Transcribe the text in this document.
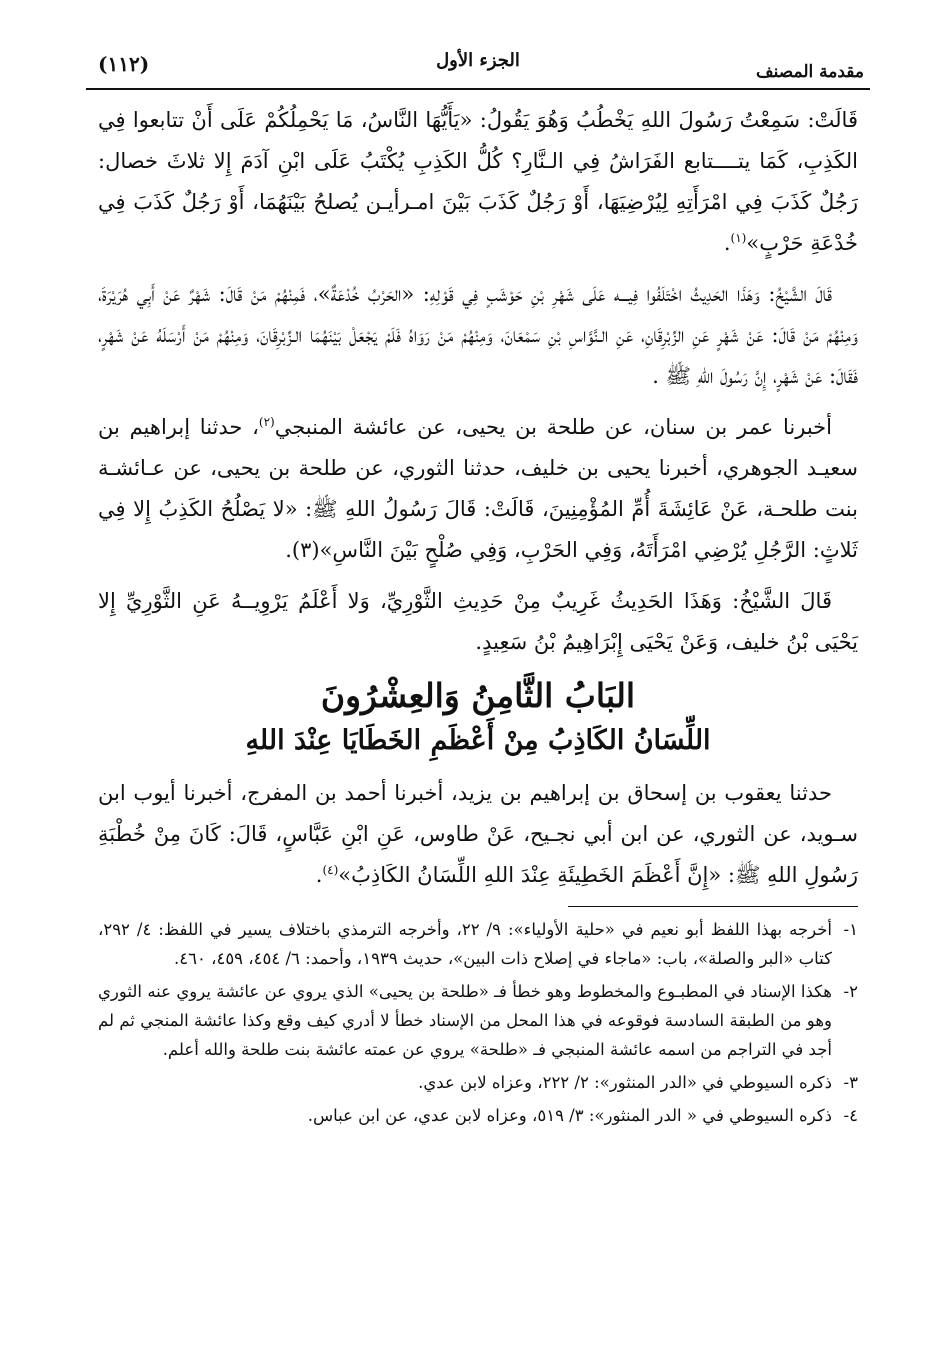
مقدمة المصنف
الجزء الأول
(١١٢)

قَالَتْ: سَمِعْتُ رَسُولَ اللهِ يَخْطُبُ وَهُوَ يَقُولُ: «يَأَيُّهَا النَّاسُ، مَا يَحْمِلُكُمْ عَلَى أَنْ تتابعوا فِي الكَذِبِ، كَمَا يتــــتابع الفَرَاشُ فِي الـنَّارِ؟ كُلُّ الكَذِبِ يُكْتَبُ عَلَى ابْنِ آدَمَ إِلا ثلاثَ خصال: رَجُلٌ كَذَبَ فِي امْرَأَتِهِ لِيُرْضِيَهَا، أَوْ رَجُلٌ كَذَبَ بَيْنَ امـرأيـن يُصلحُ بَيْنَهُمَا، أَوْ رَجُلٌ كَذَبَ فِي خُدْعَةِ حَرْبٍ»$^{(١)}$.

قَالَ الشَّيْخُ: وَهَذَا الحَدِيثُ اخْتَلَفُوا فِيـــه عَلَى شَهْرِ بْنِ حَوْشَبٍ فِي قَوْلِهِ: «الحَرْبُ خُدْعَةٌ»، فَمِنْهُمْ مَنْ قَالَ: شَهْرٌ عَنْ أَبِي هُرَيْرَةَ، وَمِنْهُمْ مَنْ قَالَ: عَنْ شَهْرٍ عَنِ الزِّبْرِقَانِ، عَنِ الـنَّوَّاسِ بْنِ سَمْعَانَ، وَمِنْهُمْ مَنْ رَوَاهُ فَلَمْ يَجْعَلْ بَيْنَهُمَا الـزِّبْرِقَانَ، وَمِنْهُمْ مَنْ أَرْسَلَهُ عَنْ شَهْرٍ، فَقَالَ: عَنْ شَهْرٍ، إِنَّ رَسُولَ اللهِ ﷺ .

أخبرنا عمر بن سنان، عن طلحة بن يحيى، عن عائشة المنبجي$^{(٢)}$، حدثنا إبراهيم بن سعيـد الجوهري، أخبرنا يحيى بن خليف، حدثنا الثوري، عن طلحة بن يحيى، عن عـائشـة بنت طلحـة، عَنْ عَائِشَةَ أُمِّ المُؤْمِنِينَ، قَالَتْ: قَالَ رَسُولُ اللهِ ﷺ: «لا يَصْلُحُ الكَذِبُ إِلا فِي ثَلاثٍ: الرَّجُلِ يُرْضِي امْرَأَتَهُ، وَفِي الحَرْبِ، وَفِي صُلْحٍ بَيْنَ النَّاسِ»(٣).

قَالَ الشَّيْخُ: وَهَذَا الحَدِيثُ غَرِيبٌ مِنْ حَدِيثِ الثَّوْرِيِّ، وَلا أَعْلَمُ يَرْوِيــهُ عَنِ الثَّوْرِيِّ إِلا يَحْيَى بْنُ خليف، وَعَنْ يَحْيَى إِبْرَاهِيمُ بْنُ سَعِيدٍ.

البَابُ الثَّامِنُ وَالعِشْرُونَ
اللِّسَانُ الكَاذِبُ مِنْ أَعْظَمِ الخَطَايَا عِنْدَ اللهِ

حدثنا يعقوب بن إسحاق بن إبراهيم بن يزيد، أخبرنا أحمد بن المفرج، أخبرنا أيوب ابن سـويد، عن الثوري، عن ابن أبي نجـيح، عَنْ طاوس، عَنِ ابْنِ عَبَّاسٍ، قَالَ: كَانَ مِنْ خُطْبَةِ رَسُولِ اللهِ ﷺ: «إِنَّ أَعْظَمَ الخَطِيئَةِ عِنْدَ اللهِ اللِّسَانُ الكَاذِبُ»$^{(٤)}$.

١-
أخرجه بهذا اللفظ أبو نعيم في «حلية الأولياء»: ٩/ ٢٢، وأخرجه الترمذي باختلاف يسير في اللفظ: ٤/ ٢٩٢، كتاب «البر والصلة»، باب: «ماجاء في إصلاح ذات البين»، حديث ١٩٣٩، وأحمد: ٦/ ٤٥٤، ٤٥٩، ٤٦٠.
٢-
هكذا الإسناد في المطبـوع والمخطوط وهو خطأ فـ «طلحة بن يحيى» الذي يروي عن عائشة يروي عنه الثوري وهو من الطبقة السادسة فوقوعه في هذا المحل من الإسناد خطأ لا أدري كيف وقع وكذا عائشة المنجي ثم لم أجد في التراجم من اسمه عائشة المنبجي فـ «طلحة» يروي عن عمته عائشة بنت طلحة والله أعلم.
٣-
ذكره السيوطي في «الدر المنثور»: ٢/ ٢٢٢، وعزاه لابن عدي.
٤-
ذكره السيوطي في « الدر المنثور»: ٣/ ٥١٩، وعزاه لابن عدي، عن ابن عباس.
